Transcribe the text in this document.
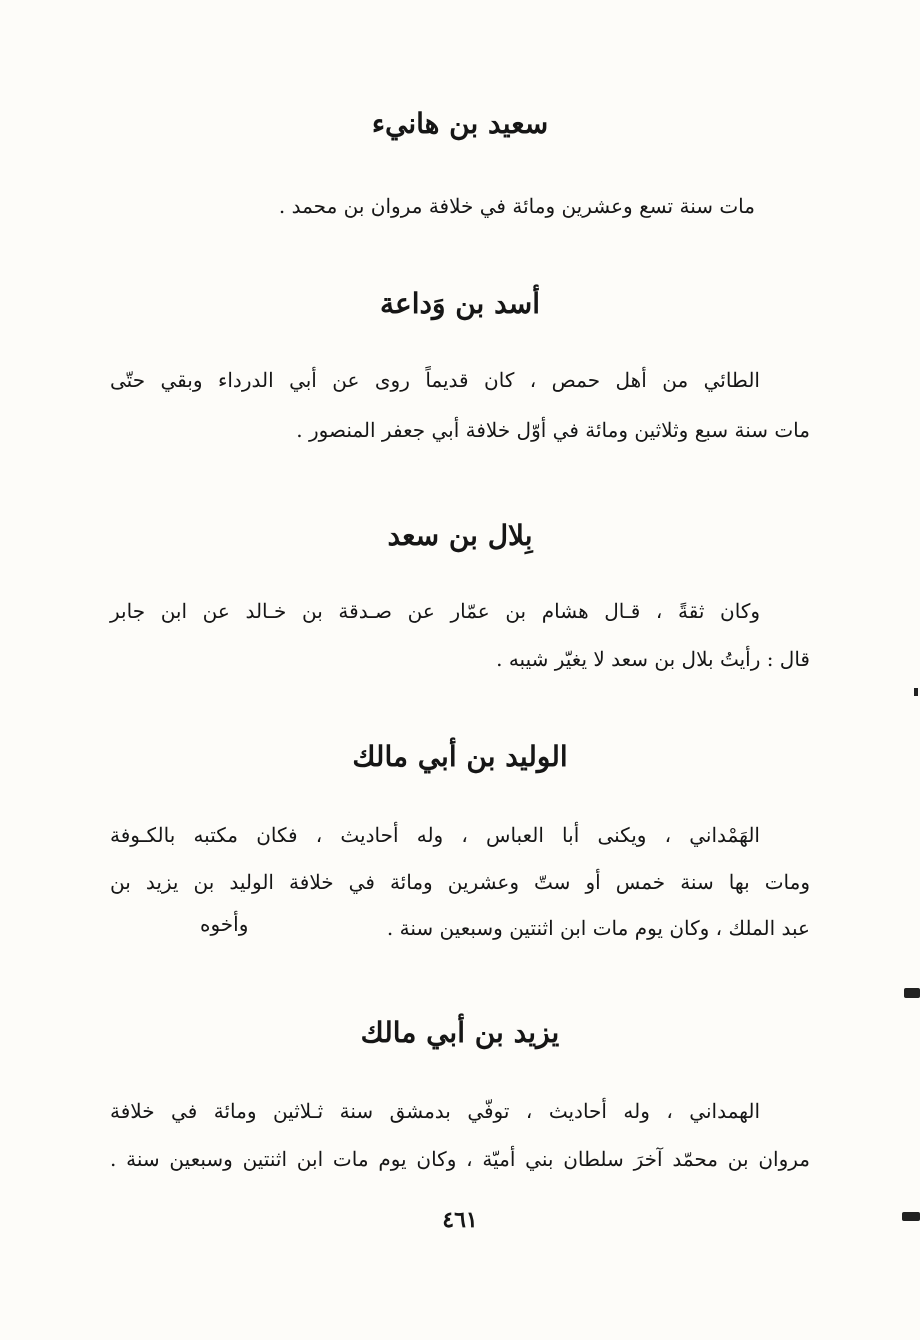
سعيد بن هانيء

مات سنة تسع وعشرين ومائة في خلافة مروان بن محمد .

أسد بن وَداعة

الطائي من أهل حمص ، كان قديماً روى عن أبي الدرداء وبقي حتّى

مات سنة سبع وثلاثين ومائة في أوّل خلافة أبي جعفر المنصور .

بِلال بن سعد

وكان ثقةً ، قـال هشام بن عمّار عن صـدقة بن خـالد عن ابن جابر

قال : رأيتُ بلال بن سعد لا يغيّر شيبه .

الوليد بن أبي مالك

الهَمْداني ، ويكنى أبا العباس ، وله أحاديث ، فكان مكتبه بالكـوفة

ومات بها سنة خمس أو ستّ وعشرين ومائة في خلافة الوليد بن يزيد بن

عبد الملك ، وكان يوم مات ابن اثنتين وسبعين سنة .

وأخوه
يزيد بن أبي مالك

الهمداني ، وله أحاديث ، توفّي بدمشق سنة ثـلاثين ومائة في خلافة

مروان بن محمّد آخرَ سلطان بني أميّة ، وكان يوم مات ابن اثنتين وسبعين سنة .

٤٦١
